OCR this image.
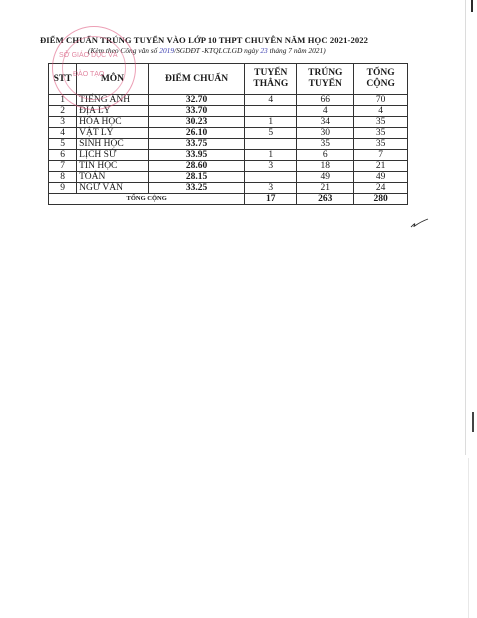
ĐIỂM CHUẨN TRÚNG TUYỂN VÀO LỚP 10 THPT CHUYÊN NĂM HỌC 2021-2022
(Kèm theo Công văn số 2019/SGDĐT -KTQLCLGD ngày 23 tháng 7 năm 2021)
STT	MÔN	ĐIỂM CHUẨN	TUYỂN THẲNG	TRÚNG TUYỂN	TỔNG CỘNG
1	TIẾNG ANH	32.70	4	66	70
2	ĐỊA LÝ	33.70		4	4
3	HÓA HỌC	30.23	1	34	35
4	VẬT LÝ	26.10	5	30	35
5	SINH HỌC	33.75		35	35
6	LỊCH SỬ	33.95	1	6	7
7	TIN HỌC	28.60	3	18	21
8	TOÁN	28.15		49	49
9	NGỮ VĂN	33.25	3	21	24
TỔNG CỘNG			17	263	280
SỞ GIÁO DỤC VÀ
ĐÀO TẠO
